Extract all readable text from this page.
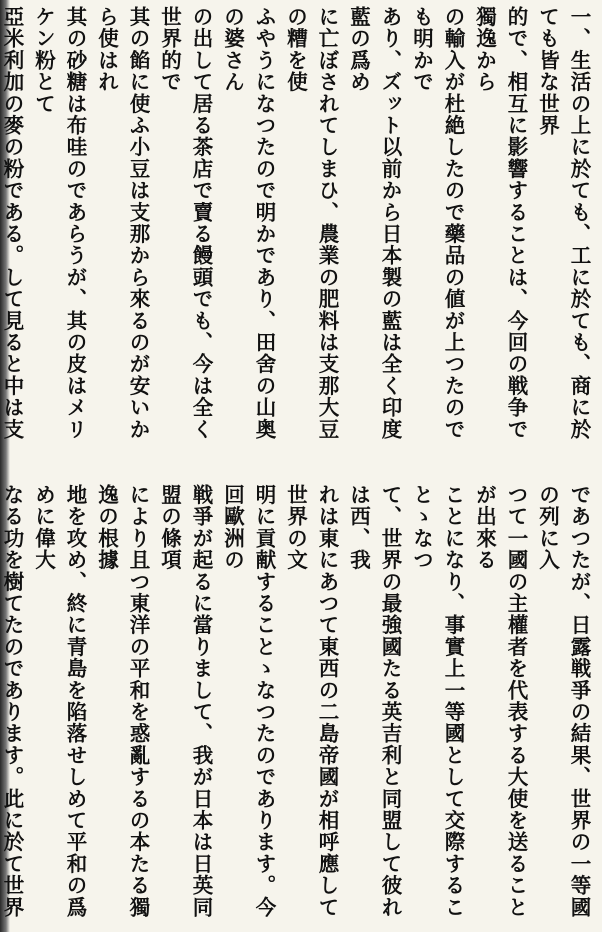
一、生活の上に於ても、工に於ても、商に於ても皆な世界
的で、相互に影響することは、今回の戦争で獨逸から
の輸入が杜絶したので藥品の値が上つたのでも明かで
あり、ズット以前から日本製の藍は全く印度藍の爲め
に亡ぼされてしまひ、農業の肥料は支那大豆の糟を使
ふやうになつたので明かであり、田舍の山奥の婆さん
の出して居る茶店で賣る饅頭でも、今は全く世界的で
其の餡に使ふ小豆は支那から來るのが安いから使はれ
其の砂糖は布哇のであらうが、其の皮はメリケン粉とて
亞米利加の麥の粉である。して見ると中は支
であつたが、日露戦爭の結果、世界の一等國の列に入
つて一國の主權者を代表する大使を送ることが出來る
ことになり、事實上一等國として交際することゝなつ
て、世界の最強國たる英吉利と同盟して彼れは西、我
れは東にあつて東西の二島帝國が相呼應して世界の文
明に貢献することゝなつたのであります。今回歐洲の
戦爭が起るに當りまして、我が日本は日英同盟の條項
により且つ東洋の平和を惑亂するの本たる獨逸の根據
地を攻め、終に青島を陷落せしめて平和の爲めに偉大
なる功を樹てたのであります。此に於て世界
